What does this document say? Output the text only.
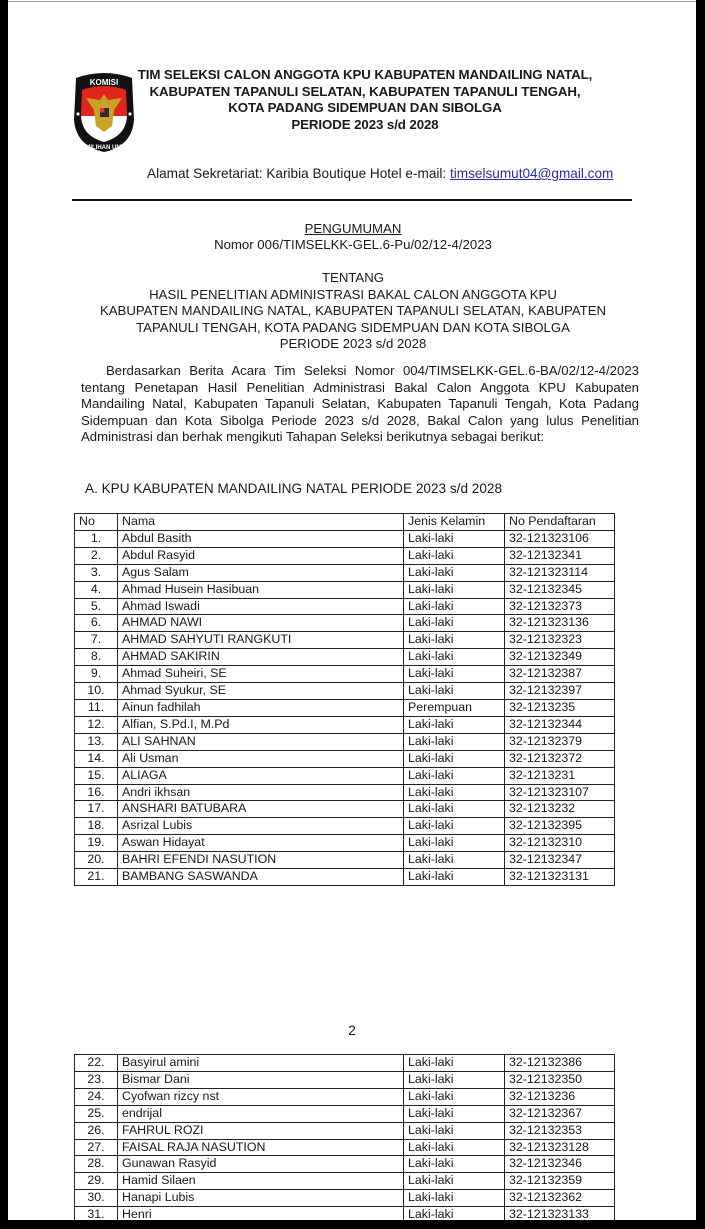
KOMISI
PEMILIHAN UMUM
TIM SELEKSI CALON ANGGOTA KPU KABUPATEN MANDAILING NATAL,
KABUPATEN TAPANULI SELATAN, KABUPATEN TAPANULI TENGAH,
KOTA PADANG SIDEMPUAN DAN SIBOLGA
PERIODE 2023 s/d 2028
Alamat Sekretariat: Karibia Boutique Hotel e-mail: timselsumut04@gmail.com
PENGUMUMAN
Nomor 006/TIMSELKK-GEL.6-Pu/02/12-4/2023
TENTANG
HASIL PENELITIAN ADMINISTRASI BAKAL CALON ANGGOTA KPU
KABUPATEN MANDAILING NATAL, KABUPATEN TAPANULI SELATAN, KABUPATEN
TAPANULI TENGAH, KOTA PADANG SIDEMPUAN DAN KOTA SIBOLGA
PERIODE 2023 s/d 2028
Berdasarkan Berita Acara Tim Seleksi Nomor 004/TIMSELKK-GEL.6-BA/02/12-4/2023 tentang Penetapan Hasil Penelitian Administrasi Bakal Calon Anggota KPU Kabupaten Mandailing Natal, Kabupaten Tapanuli Selatan, Kabupaten Tapanuli Tengah, Kota Padang Sidempuan dan Kota Sibolga Periode 2023 s/d 2028, Bakal Calon yang lulus Penelitian Administrasi dan berhak mengikuti Tahapan Seleksi berikutnya sebagai berikut:
A. KPU KABUPATEN MANDAILING NATAL PERIODE 2023 s/d 2028
No	Nama	Jenis Kelamin	No Pendaftaran
1.	Abdul Basith	Laki-laki	32-121323106
2.	Abdul Rasyid	Laki-laki	32-12132341
3.	Agus Salam	Laki-laki	32-121323114
4.	Ahmad Husein Hasibuan	Laki-laki	32-12132345
5.	Ahmad Iswadi	Laki-laki	32-12132373
6.	AHMAD NAWI	Laki-laki	32-121323136
7.	AHMAD SAHYUTI RANGKUTI	Laki-laki	32-12132323
8.	AHMAD SAKIRIN	Laki-laki	32-12132349
9.	Ahmad Suheiri, SE	Laki-laki	32-12132387
10.	Ahmad Syukur, SE	Laki-laki	32-12132397
11.	Ainun fadhilah	Perempuan	32-1213235
12.	Alfian, S.Pd.I, M.Pd	Laki-laki	32-12132344
13.	ALI SAHNAN	Laki-laki	32-12132379
14.	Ali Usman	Laki-laki	32-12132372
15.	ALIAGA	Laki-laki	32-1213231
16.	Andri ikhsan	Laki-laki	32-121323107
17.	ANSHARI BATUBARA	Laki-laki	32-1213232
18.	Asrizal Lubis	Laki-laki	32-12132395
19.	Aswan Hidayat	Laki-laki	32-12132310
20.	BAHRI EFENDI NASUTION	Laki-laki	32-12132347
21.	BAMBANG SASWANDA	Laki-laki	32-121323131
2
22.	Basyirul amini	Laki-laki	32-12132386
23.	Bismar Dani	Laki-laki	32-12132350
24.	Cyofwan rizcy nst	Laki-laki	32-1213236
25.	endrijal	Laki-laki	32-12132367
26.	FAHRUL ROZI	Laki-laki	32-12132353
27.	FAISAL RAJA NASUTION	Laki-laki	32-121323128
28.	Gunawan Rasyid	Laki-laki	32-12132346
29.	Hamid Silaen	Laki-laki	32-12132359
30.	Hanapi Lubis	Laki-laki	32-12132362
31.	Henri	Laki-laki	32-121323133
